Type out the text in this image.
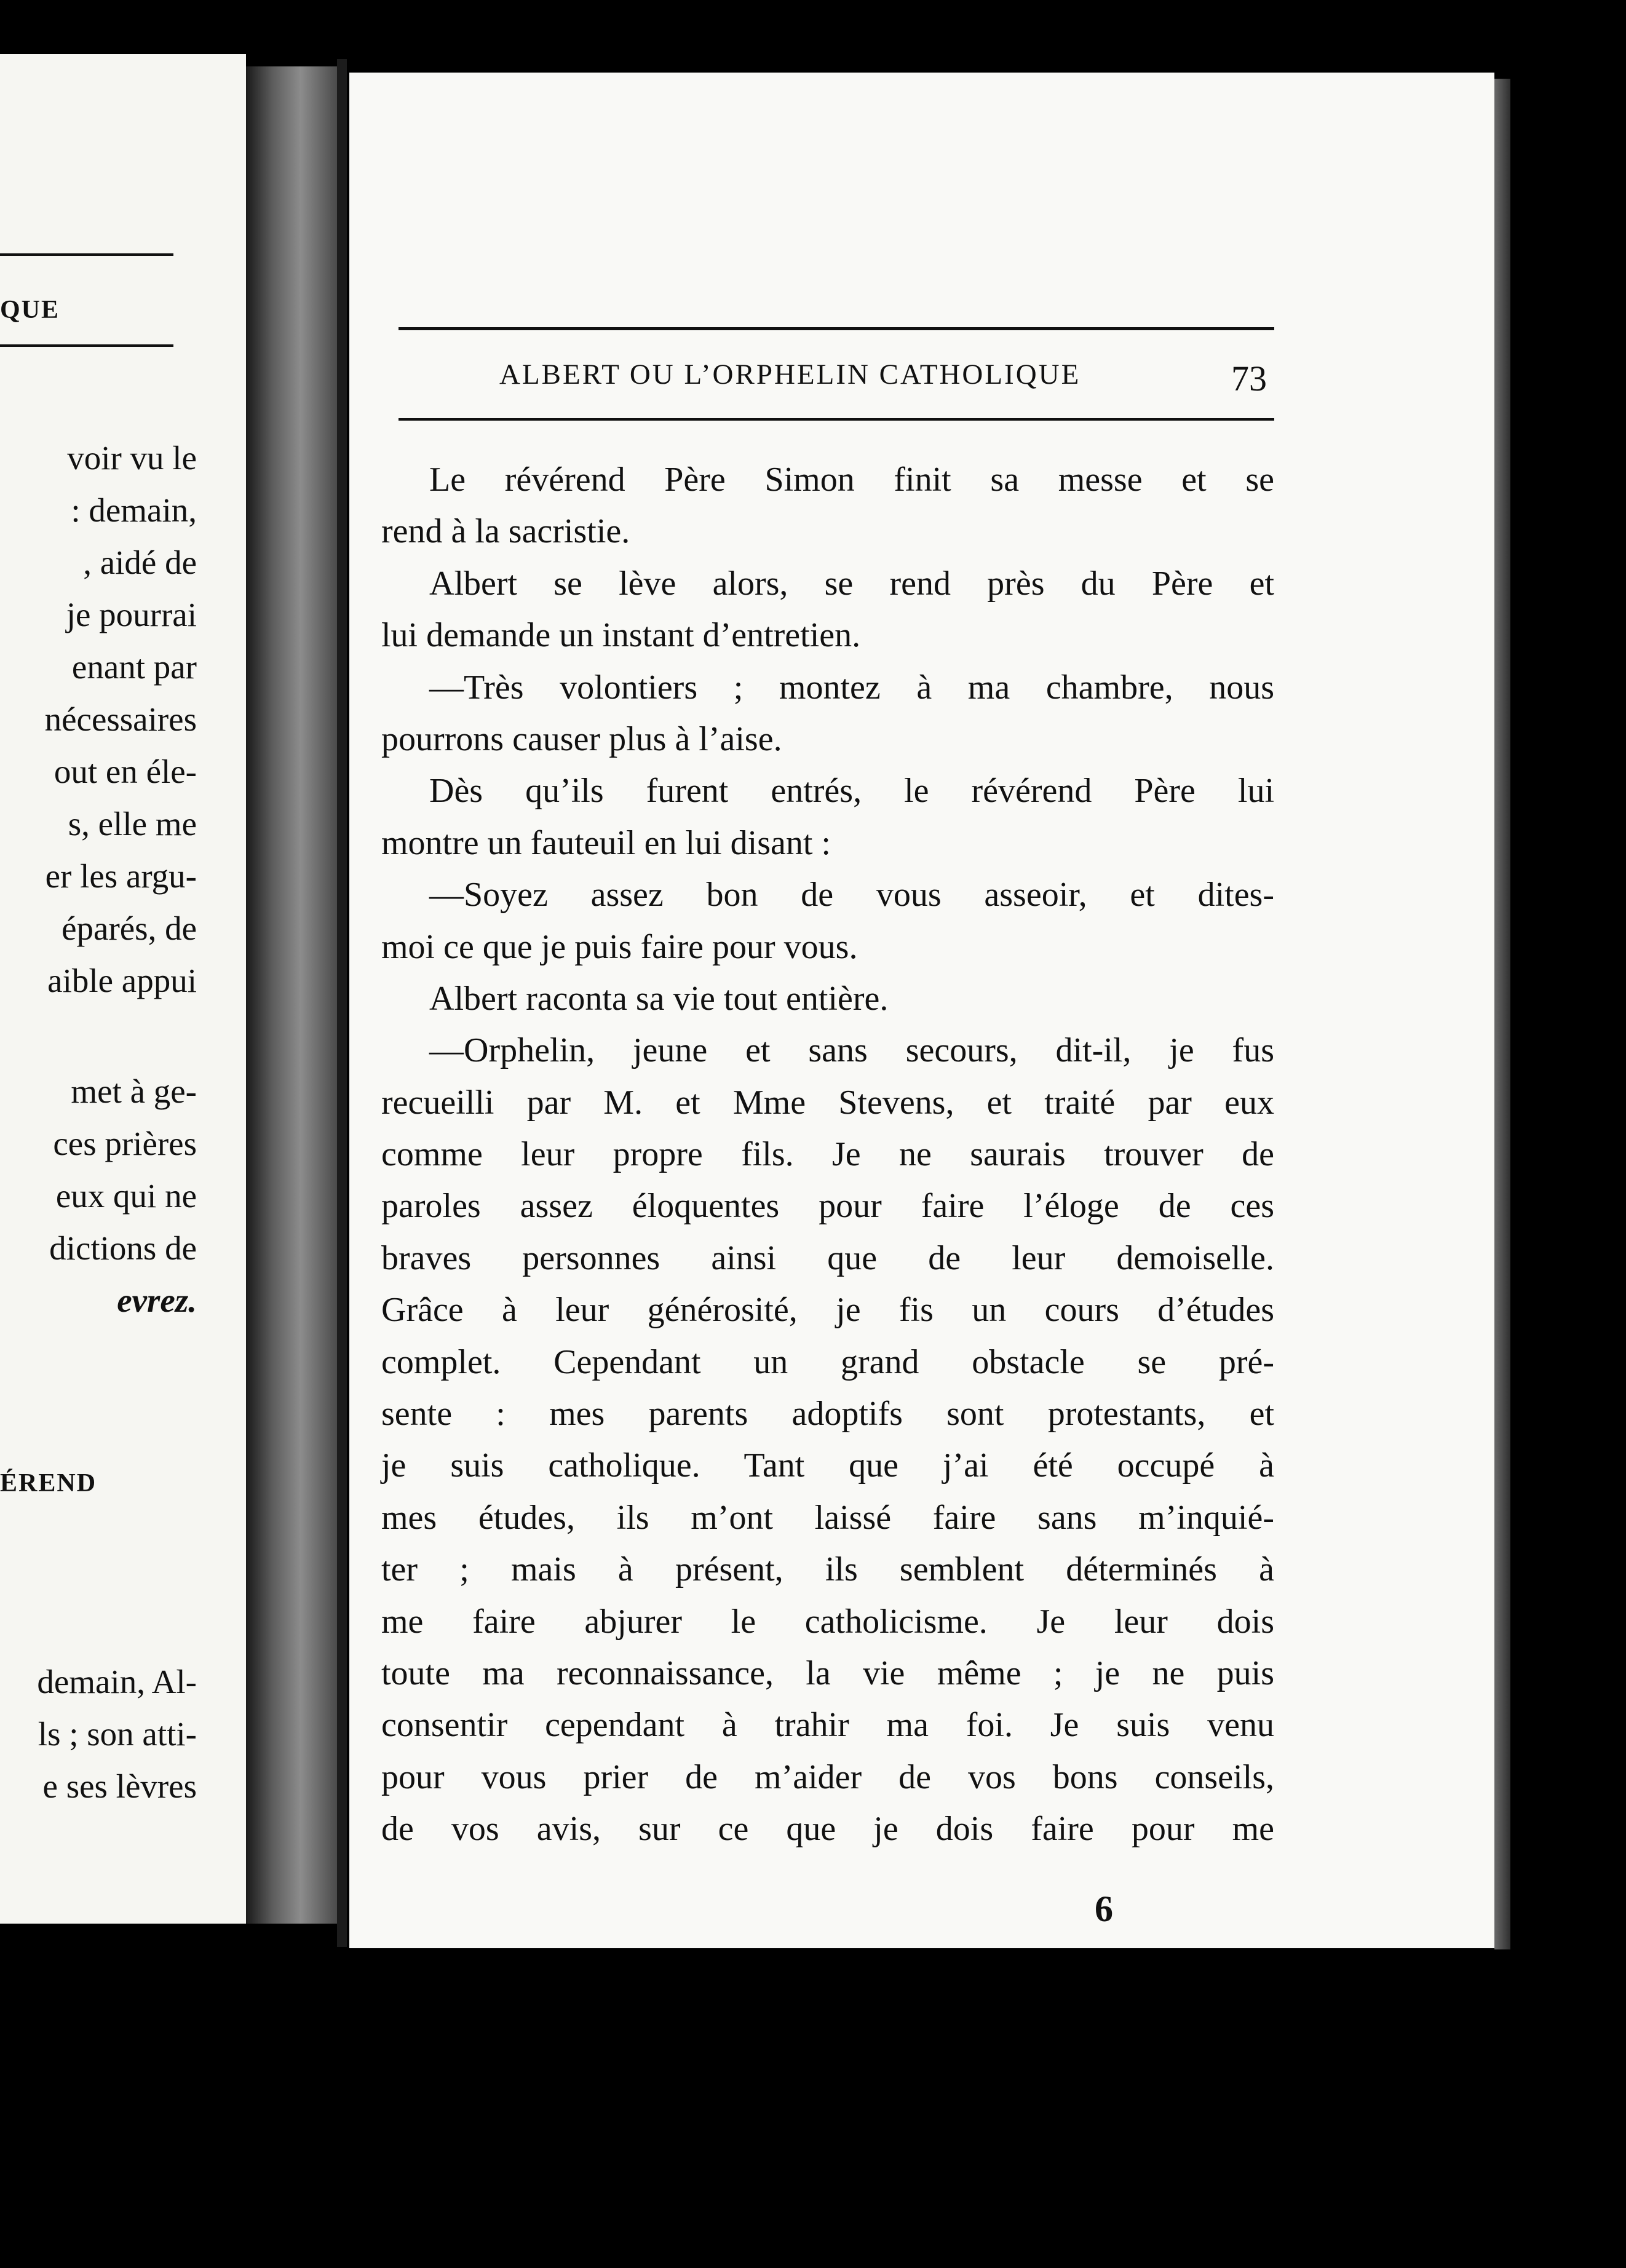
QUE
voir vu le
: demain,
, aidé de
je pourrai
enant par
nécessaires
out en éle-
s, elle me
er les argu-
éparés, de
aible appui
met à ge-
ces prières
eux qui ne
dictions de
evrez.
ÉREND
demain, Al-
ls ; son atti-
e ses lèvres
ALBERT OU L’ORPHELIN CATHOLIQUE	73
Le révérend Père Simon finit sa messe et se
rend à la sacristie.
Albert se lève alors, se rend près du Père et
lui demande un instant d’entretien.
—Très volontiers ; montez à ma chambre, nous
pourrons causer plus à l’aise.
Dès qu’ils furent entrés, le révérend Père lui
montre un fauteuil en lui disant :
—Soyez assez bon de vous asseoir, et dites-
moi ce que je puis faire pour vous.
Albert raconta sa vie tout entière.
—Orphelin, jeune et sans secours, dit-il, je fus
recueilli par M. et Mme Stevens, et traité par eux
comme leur propre fils. Je ne saurais trouver de
paroles assez éloquentes pour faire l’éloge de ces
braves personnes ainsi que de leur demoiselle.
Grâce à leur générosité, je fis un cours d’études
complet. Cependant un grand obstacle se pré-
sente : mes parents adoptifs sont protestants, et
je suis catholique. Tant que j’ai été occupé à
mes études, ils m’ont laissé faire sans m’inquié-
ter ; mais à présent, ils semblent déterminés à
me faire abjurer le catholicisme. Je leur dois
toute ma reconnaissance, la vie même ; je ne puis
consentir cependant à trahir ma foi. Je suis venu
pour vous prier de m’aider de vos bons conseils,
de vos avis, sur ce que je dois faire pour me
6
